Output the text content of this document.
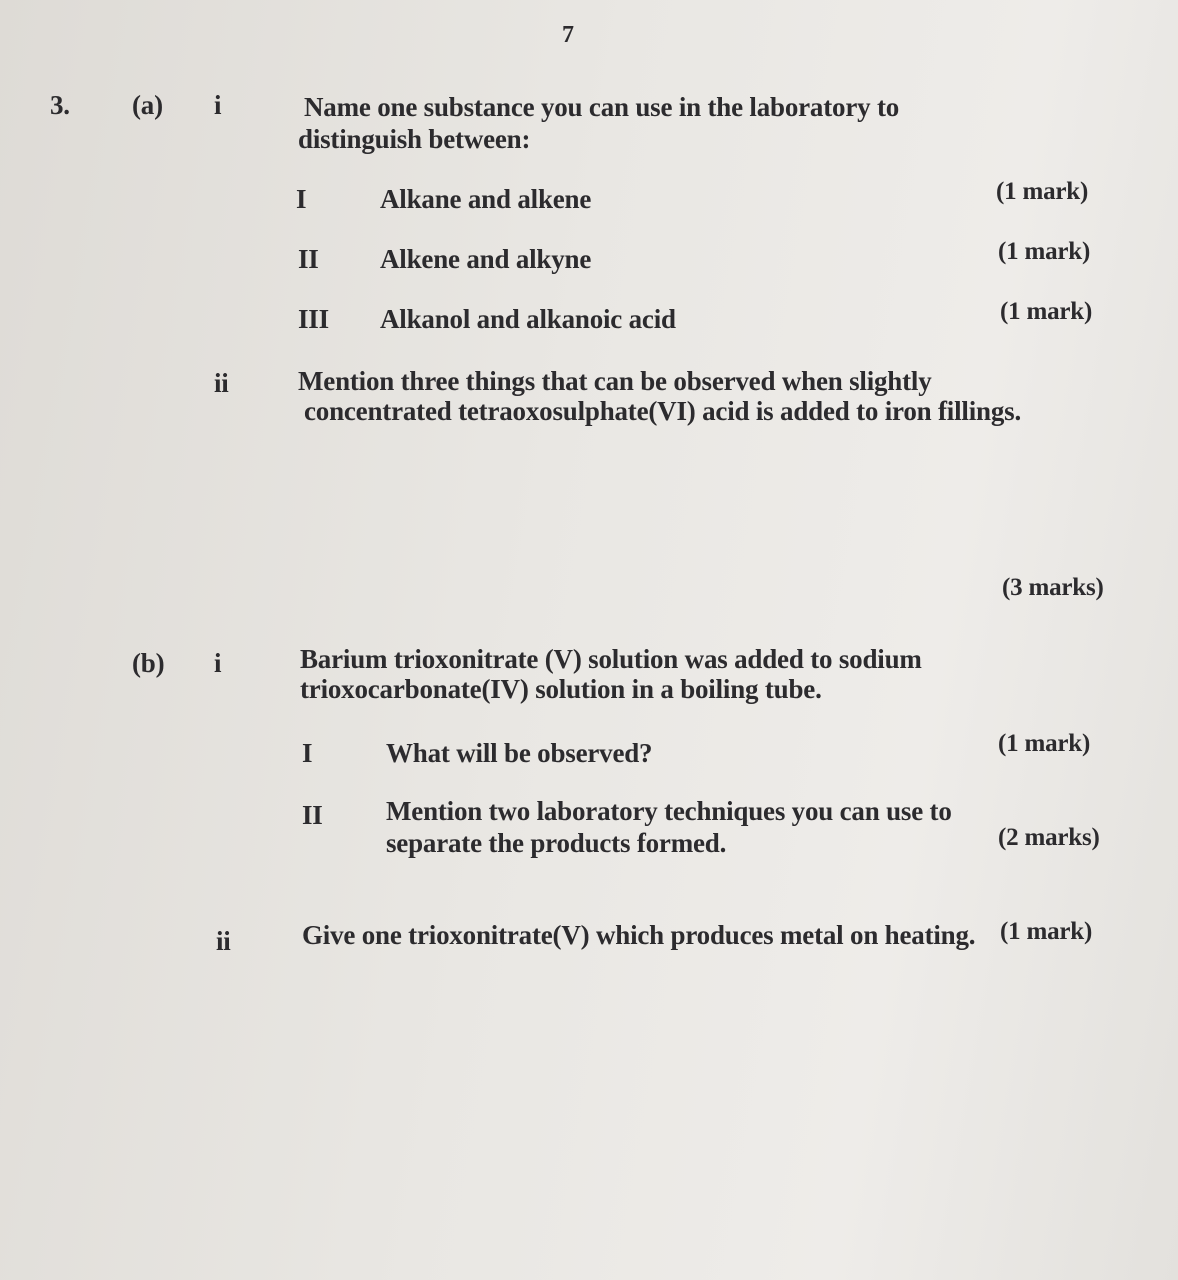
7
3. (a) i	Name one substance you can use in the laboratory to
distinguish between:
I	Alkane and alkene	(1 mark)
II Alkene and alkyne	(1 mark)
III Alkanol and alkanoic acid	(1 mark)
ii	Mention three things that can be observed when slightly
concentrated tetraoxosulphate(VI) acid is added to iron fillings.
(3 marks)
(b) i	Barium trioxonitrate (V) solution was added to sodium
trioxocarbonate(IV) solution in a boiling tube.
I	What will be observed?	(1 mark)
II Mention two laboratory techniques you can use to
separate the products formed.	(2 marks)
ii	Give one trioxonitrate(V) which produces metal on heating. (1 mark)
